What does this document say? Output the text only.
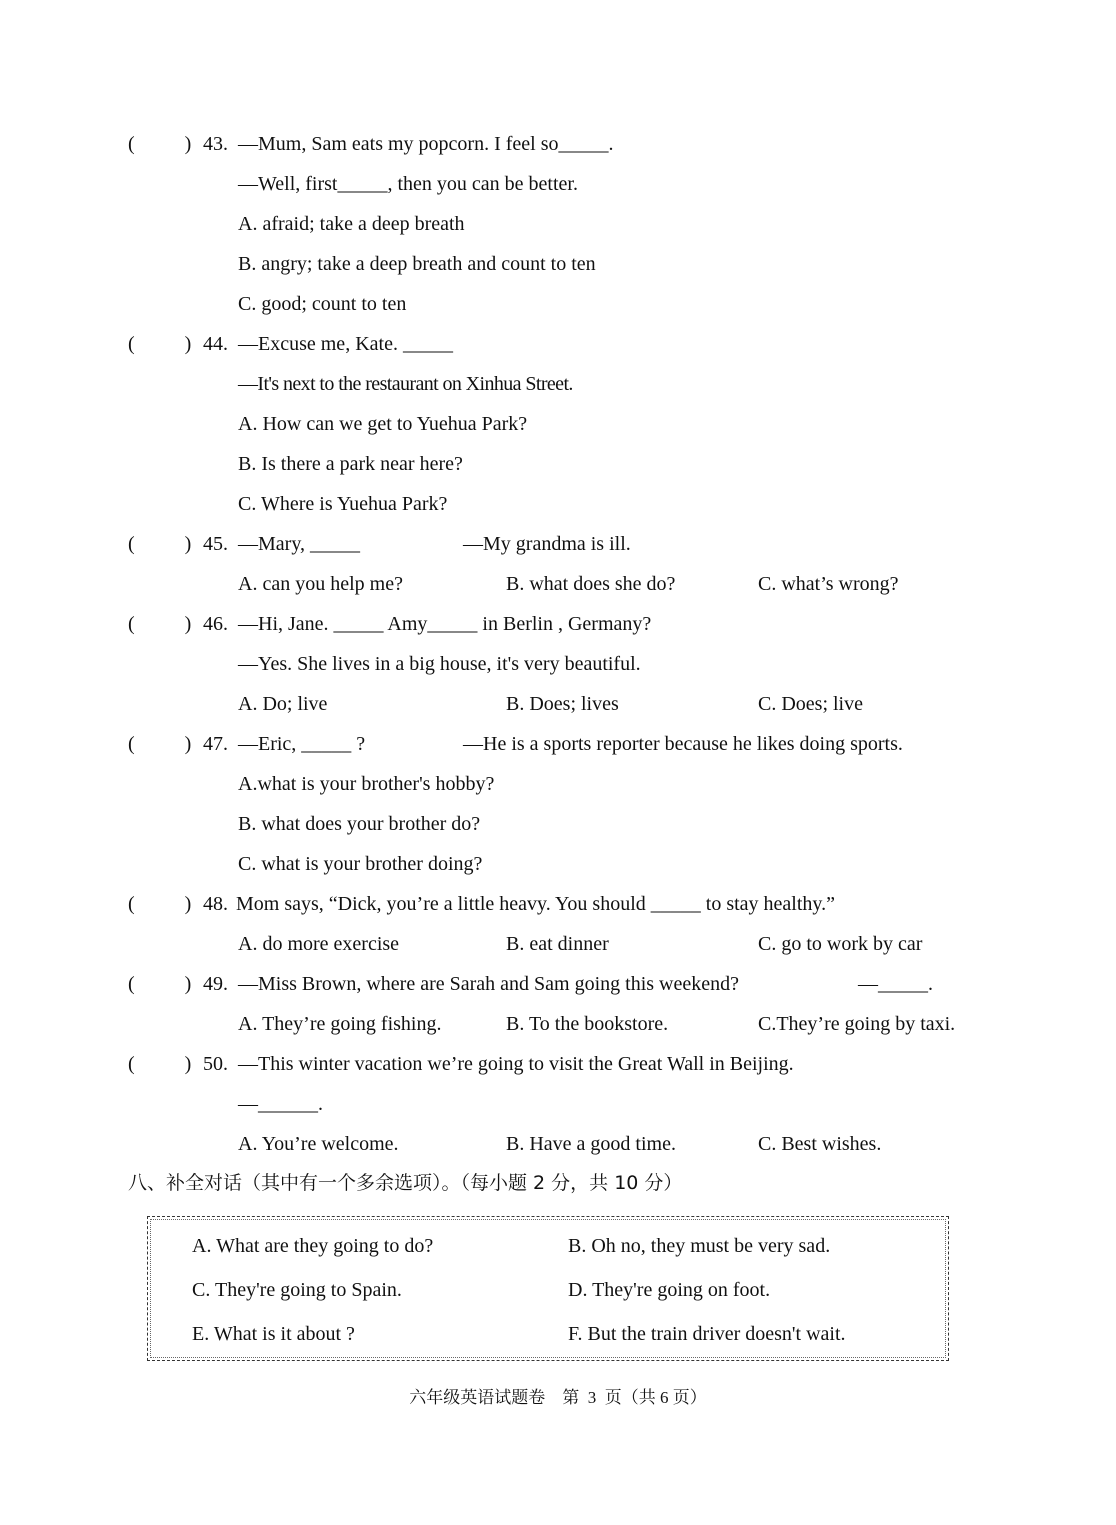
(          ) 43. —Mum, Sam eats my popcorn. I feel so_____.
—Well, first_____, then you can be better.
A. afraid; take a deep breath
B. angry; take a deep breath and count to ten
C. good; count to ten
(          ) 44. —Excuse me, Kate. _____
—It's next to the restaurant on Xinhua Street.
A. How can we get to Yuehua Park?
B. Is there a park near here?
C. Where is Yuehua Park?
(          ) 45. —Mary, _____	—My grandma is ill.
A. can you help me?	B. what does she do?	C. what’s wrong?
(          ) 46. —Hi, Jane. _____ Amy_____ in Berlin , Germany?
—Yes. She lives in a big house, it's very beautiful.
A. Do; live	B. Does; lives	C. Does; live
(          ) 47. —Eric, _____ ?	—He is a sports reporter because he likes doing sports.
A.what is your brother's hobby?
B. what does your brother do?
C. what is your brother doing?
(          ) 48. Mom says, “Dick, you’re a little heavy. You should _____ to stay healthy.”
A. do more exercise	B. eat dinner	C. go to work by car
(          ) 49. —Miss Brown, where are Sarah and Sam going this weekend?	—_____.
A. They’re going fishing.	B. To the bookstore.	C.They’re going by taxi.
(          ) 50. —This winter vacation we’re going to visit the Great Wall in Beijing.
—______.
A. You’re welcome.	B. Have a good time.	C. Best wishes.
八、补全对话（其中有一个多余选项）。（每小题 2 分，共 10 分）
A. What are they going to do?	B. Oh no, they must be very sad.
C. They're going to Spain.	D. They're going on foot.
E. What is it about ?	F. But the train driver doesn't wait.
六年级英语试题卷    第  3  页（共 6 页）
